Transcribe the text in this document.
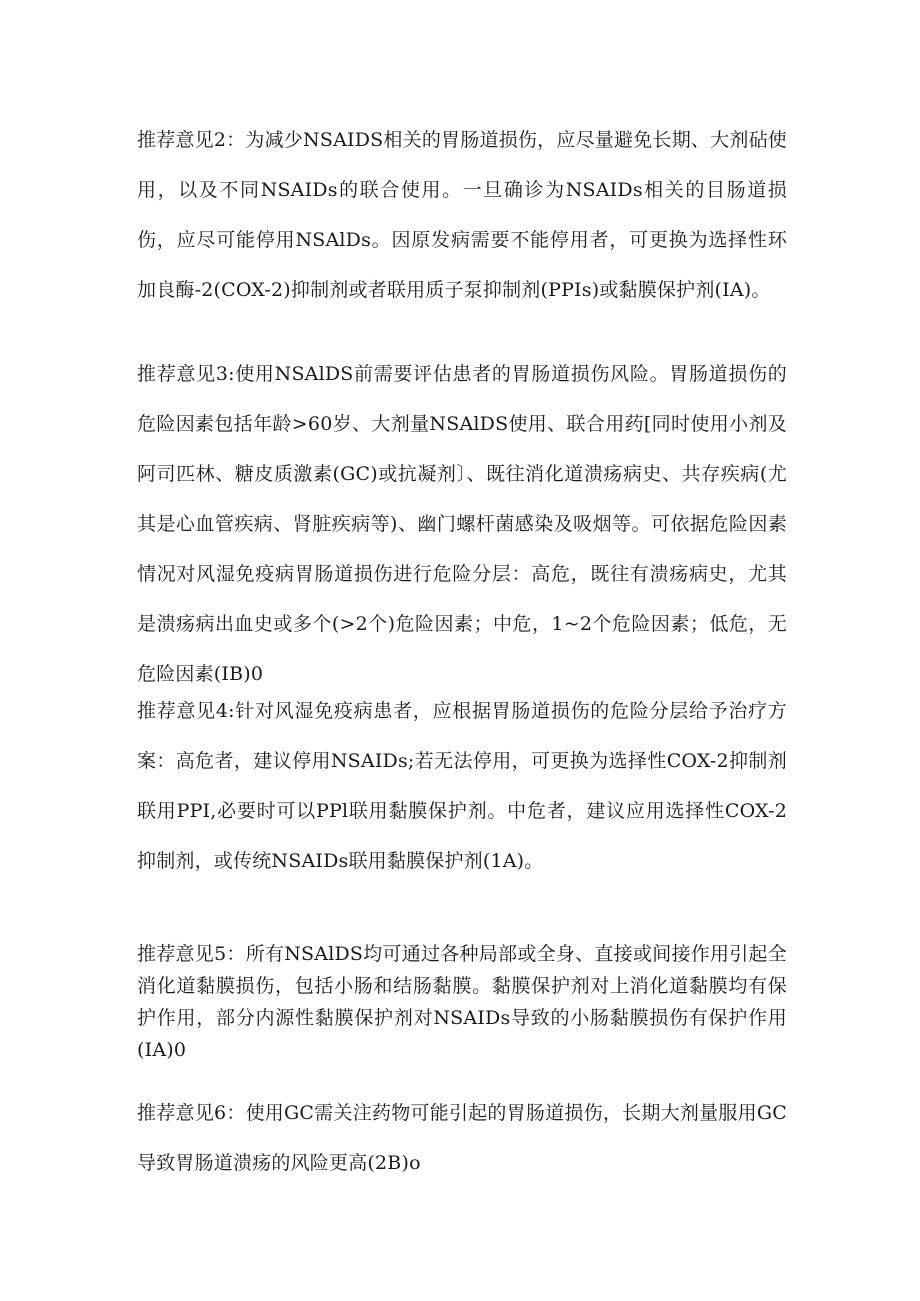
推荐意见2：为减少NSAIDS相关的胃肠道损伤，应尽量避免长期、大剂砧使用，以及不同NSAIDs的联合使用。一旦确诊为NSAIDs相关的目肠道损伤，应尽可能停用NSAlDs。因原发病需要不能停用者，可更换为选择性环加良酶-2(COX-2)抑制剂或者联用质子泵抑制剂(PPIs)或黏膜保护剂(IA)。

推荐意见3:使用NSAlDS前需要评估患者的胃肠道损伤风险。胃肠道损伤的危险因素包括年龄>60岁、大剂量NSAlDS使用、联合用药[同时使用小剂及阿司匹林、糖皮质激素(GC)或抗凝剂〕、既往消化道溃疡病史、共存疾病(尤其是心血管疾病、肾脏疾病等)、幽门螺杆菌感染及吸烟等。可依据危险因素情况对风湿免疫病胃肠道损伤进行危险分层：高危，既往有溃疡病史，尤其是溃疡病出血史或多个(>2个)危险因素；中危，1~2个危险因素；低危，无危险因素(IB)0

推荐意见4:针对风湿免疫病患者，应根据胃肠道损伤的危险分层给予治疗方案：高危者，建议停用NSAIDs;若无法停用，可更换为选择性COX-2抑制剂联用PPI,必要时可以PPl联用黏膜保护剂。中危者，建议应用选择性COX-2抑制剂，或传统NSAIDs联用黏膜保护剂(1A)。

推荐意见5：所有NSAlDS均可通过各种局部或全身、直接或间接作用引起全消化道黏膜损伤，包括小肠和结肠黏膜。黏膜保护剂对上消化道黏膜均有保护作用，部分内源性黏膜保护剂对NSAIDs导致的小肠黏膜损伤有保护作用(IA)0

推荐意见6：使用GC需关注药物可能引起的胃肠道损伤，长期大剂量服用GC导致胃肠道溃疡的风险更高(2B)o
